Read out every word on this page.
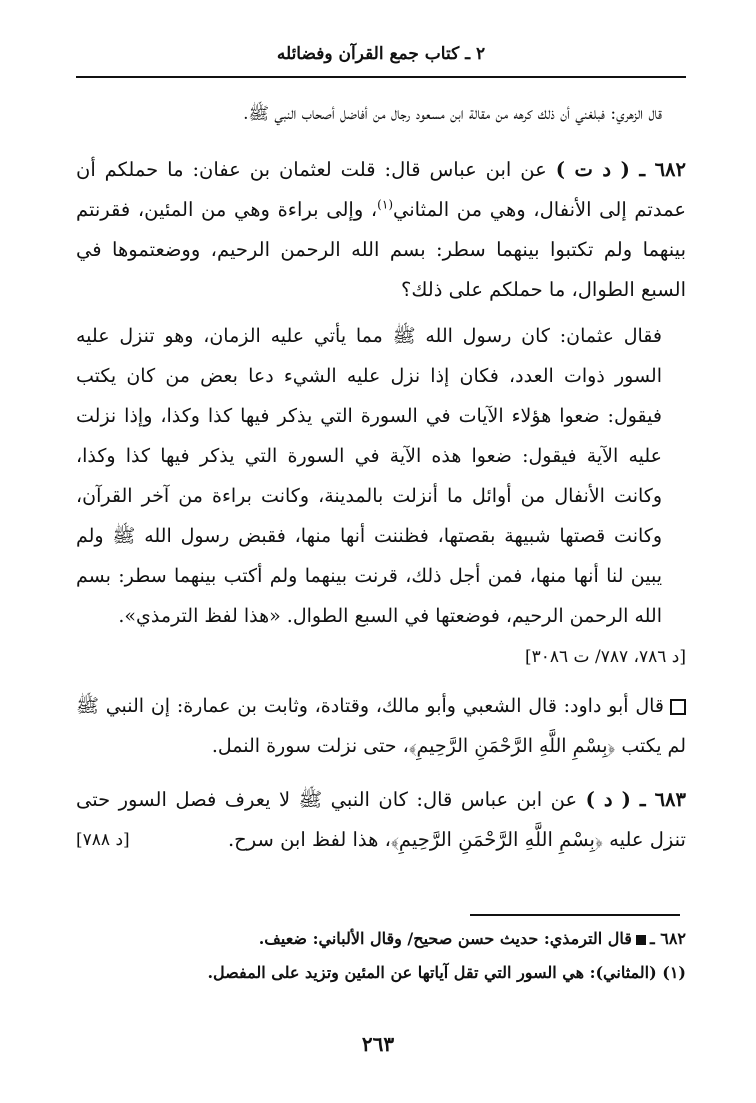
٢ ـ كتاب جمع القرآن وفضائله

قال الزهري: فبلغني أن ذلك كرهه من مقالة ابن مسعود رجال من أفاضل أصحاب النبي ﷺ.

٦٨٢ ـ ( د ت ) عن ابن عباس قال: قلت لعثمان بن عفان: ما حملكم أن عمدتم إلى الأنفال، وهي من المثاني$^{(١)}$، وإلى براءة وهي من المئين، فقرنتم بينهما ولم تكتبوا بينهما سطر: بسم الله الرحمن الرحيم، ووضعتموها في السبع الطوال، ما حملكم على ذلك؟

فقال عثمان: كان رسول الله ﷺ مما يأتي عليه الزمان، وهو تنزل عليه السور ذوات العدد، فكان إذا نزل عليه الشيء دعا بعض من كان يكتب فيقول: ضعوا هؤلاء الآيات في السورة التي يذكر فيها كذا وكذا، وإذا نزلت عليه الآية فيقول: ضعوا هذه الآية في السورة التي يذكر فيها كذا وكذا، وكانت الأنفال من أوائل ما أنزلت بالمدينة، وكانت براءة من آخر القرآن، وكانت قصتها شبيهة بقصتها، فظننت أنها منها، فقبض رسول الله ﷺ ولم يبين لنا أنها منها، فمن أجل ذلك، قرنت بينهما ولم أكتب بينهما سطر: بسم الله الرحمن الرحيم، فوضعتها في السبع الطوال. «هذا لفظ الترمذي».

[د ٧٨٦، ٧٨٧/ ت ٣٠٨٦]

قال أبو داود: قال الشعبي وأبو مالك، وقتادة، وثابت بن عمارة: إن النبي ﷺ لم يكتب ﴿بِسْمِ اللَّهِ الرَّحْمَنِ الرَّحِيمِ﴾، حتى نزلت سورة النمل.

٦٨٣ ـ ( د ) عن ابن عباس قال: كان النبي ﷺ لا يعرف فصل السور حتى تنزل عليه ﴿بِسْمِ اللَّهِ الرَّحْمَنِ الرَّحِيمِ﴾، هذا لفظ ابن سرح.
[د ٧٨٨]

٦٨٢ ـقال الترمذي: حديث حسن صحيح/ وقال الألباني: ضعيف.
(١) (المثاني): هي السور التي تقل آياتها عن المئين وتزيد على المفصل.
٢٦٣
